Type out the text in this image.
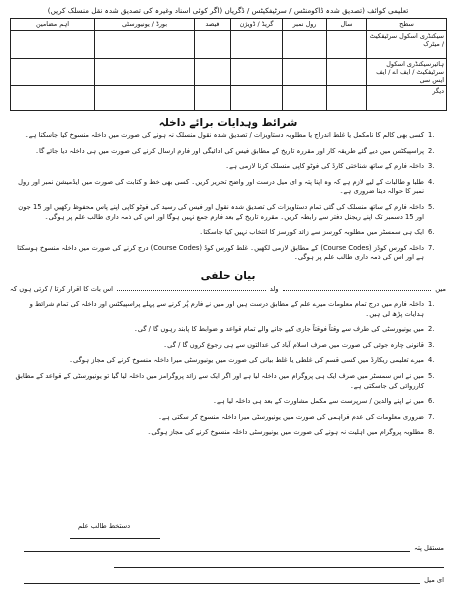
تعلیمی کوائف (تصدیق شدہ ڈاکومنٹس / سرٹیفکیٹس / ڈگریاں (اگر کوئی اسناد وغیرہ کی تصدیق شدہ نقل منسلک کریں)
سطح	سال	رول نمبر	گریڈ / ڈویژن	فیصد	بورڈ / یونیورسٹی	اہم مضامین
سیکنڈری اسکول سرٹیفکیٹ / میٹرک						
ہائیرسیکنڈری اسکول سرٹیفکیٹ / ایف اے / ایف ایس سی						
دیگر						
شرائط وہدایات برائے داخلہ
1.
کسی بھی کالم کا نامکمل یا غلط اندراج یا مطلوبہ دستاویزات / تصدیق شدہ نقول منسلک نہ ہونے کی صورت میں داخلہ منسوخ کیا جاسکتا ہے۔
2.
پراسپیکٹس میں دیے گئے طریقہ کار اور مقررہ تاریخ کے مطابق فیس کی ادائیگی اور فارم ارسال کرنے کی صورت میں ہی داخلہ دیا جائے گا۔
3.
داخلہ فارم کے ساتھ شناختی کارڈ کی فوٹو کاپی منسلک کرنا لازمی ہے۔
4.
طلبا و طالبات کے لیے لازم ہے کہ وہ اپنا پتہ و ای میل درست اور واضح تحریر کریں۔ کسی بھی خط و کتابت کی صورت میں ایڈمیشن نمبر اور رول نمبر کا حوالہ دینا ضروری ہے۔
5.
داخلہ فارم کے ساتھ منسلک کی گئی تمام دستاویزات کی تصدیق شدہ نقول اور فیس کی رسید کی فوٹو کاپی اپنے پاس محفوظ رکھیں اور 15 جون اور 15 دسمبر تک اپنے ریجنل دفتر سے رابطہ کریں۔ مقررہ تاریخ کے بعد فارم جمع نہیں ہوگا اور اس کی ذمہ داری طالب علم پر ہوگی۔
6.
ایک ہی سمسٹر میں مطلوبہ کورسز سے زائد کورسز کا انتخاب نہیں کیا جاسکتا۔
7.
داخلہ کورس کوڈز (Course Codes) کے مطابق لازمی لکھیں۔ غلط کورس کوڈ (Course Codes) درج کرنے کی صورت میں داخلہ منسوخ ہوسکتا ہے اور اس کی ذمہ داری طالب علم پر ہوگی۔
بیان حلفی
میں
ولد
اس بات کا اقرار کرتا / کرتی ہوں کہ
1.
داخلہ فارم میں درج تمام معلومات میرے علم کے مطابق درست ہیں اور میں نے فارم پُر کرنے سے پہلے پراسپیکٹس اور داخلہ کی تمام شرائط و ہدایات پڑھ لی ہیں۔
2.
میں یونیورسٹی کی طرف سے وقتاً فوقتاً جاری کیے جانے والے تمام قواعد و ضوابط کا پابند رہوں گا / گی۔
3.
قانونی چارہ جوئی کی صورت میں صرف اسلام آباد کی عدالتوں سے ہی رجوع کروں گا / گی۔
4.
میرے تعلیمی ریکارڈ میں کسی قسم کی غلطی یا غلط بیانی کی صورت میں یونیورسٹی میرا داخلہ منسوخ کرنے کی مجاز ہوگی۔
5.
میں نے اس سمسٹر میں صرف ایک ہی پروگرام میں داخلہ لیا ہے اور اگر ایک سے زائد پروگرامز میں داخلہ لیا گیا تو یونیورسٹی کے قواعد کے مطابق کارروائی کی جاسکتی ہے۔
6.
میں نے اپنے والدین / سرپرست سے مکمل مشاورت کے بعد ہی داخلہ لیا ہے۔
7.
ضروری معلومات کی عدم فراہمی کی صورت میں یونیورسٹی میرا داخلہ منسوخ کر سکتی ہے۔
8.
مطلوبہ پروگرام میں اہلیت نہ ہونے کی صورت میں یونیورسٹی داخلہ منسوخ کرنے کی مجاز ہوگی۔
دستخط طالب علم
مستقل پتہ
ای میل
